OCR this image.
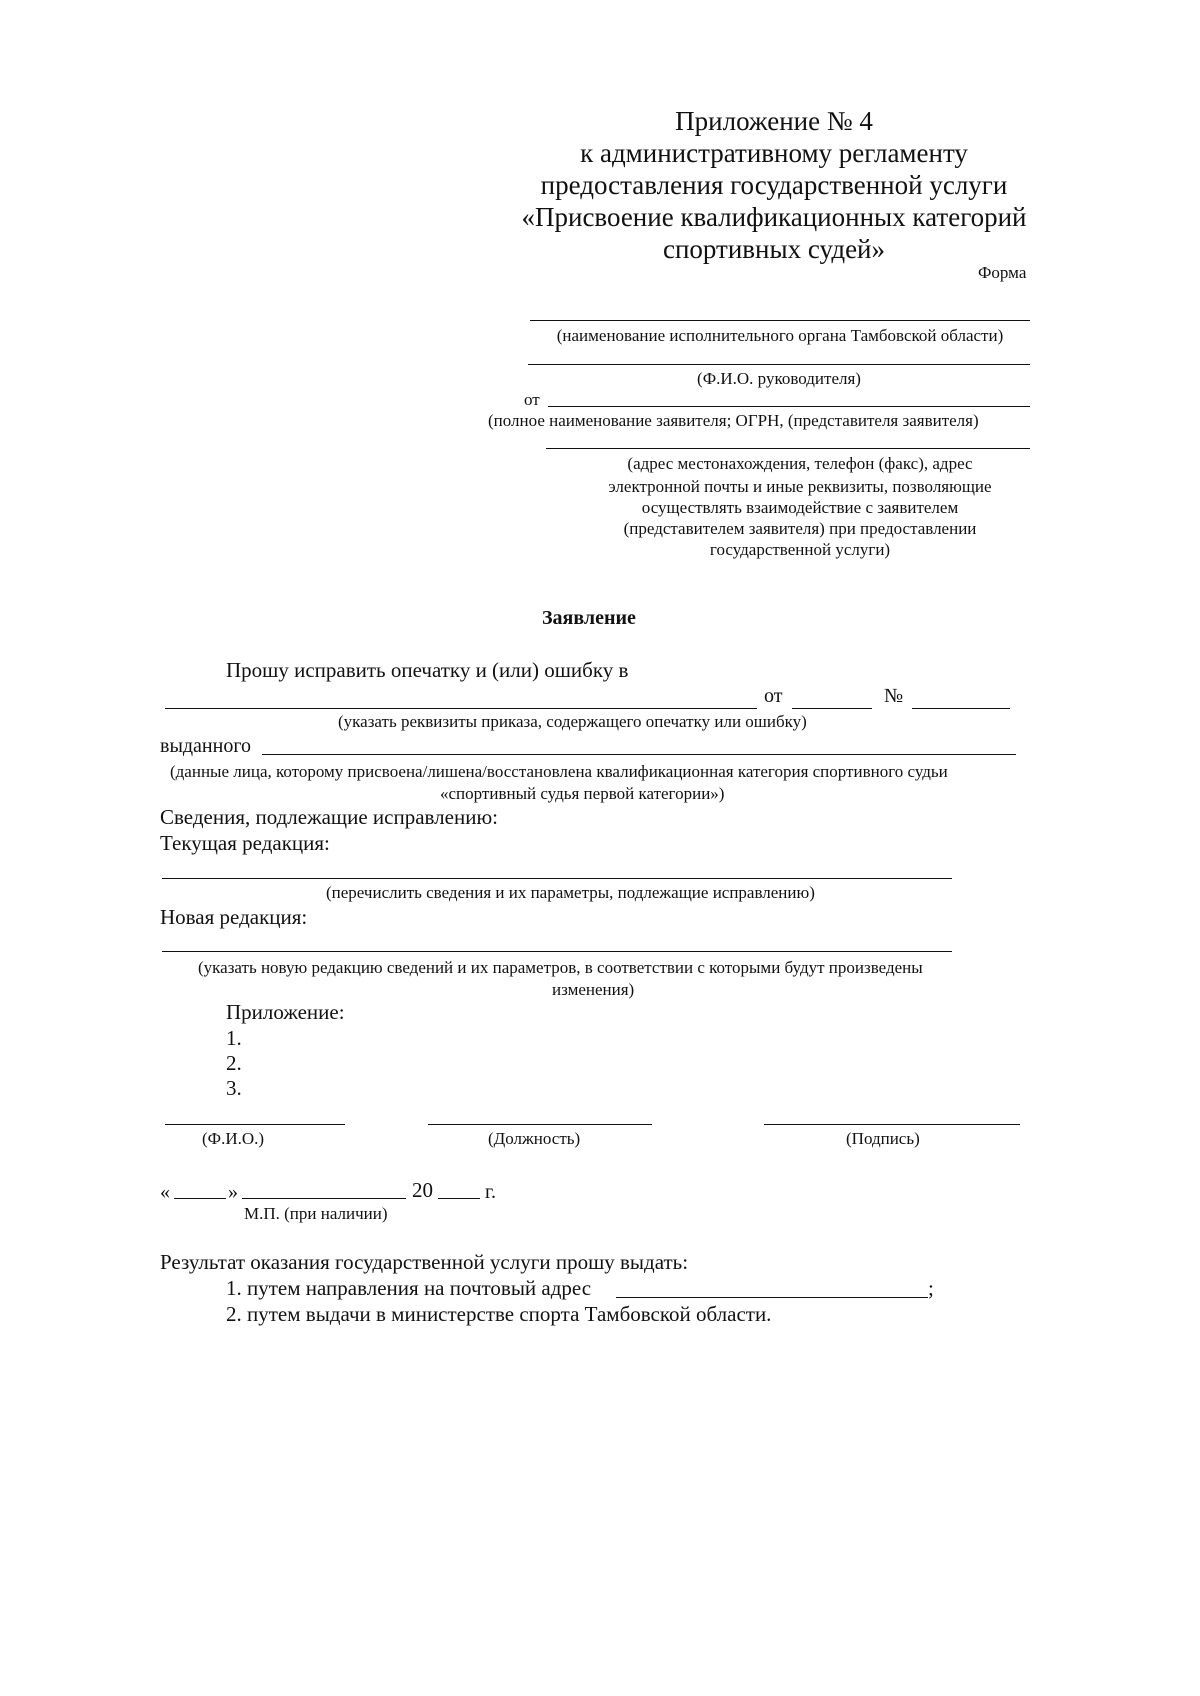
Приложение № 4
к административному регламенту
предоставления государственной услуги
«Присвоение квалификационных категорий
спортивных судей»
Форма
(наименование исполнительного органа Тамбовской области)
(Ф.И.О. руководителя)
от
(полное наименование заявителя; ОГРН, (представителя заявителя)
(адрес местонахождения, телефон (факс), адрес
электронной почты и иные реквизиты, позволяющие
осуществлять взаимодействие с заявителем
(представителем заявителя) при предоставлении
государственной услуги)
Заявление
Прошу исправить опечатку и (или) ошибку в
от	№
(указать реквизиты приказа, содержащего опечатку или ошибку)
выданного
(данные лица, которому присвоена/лишена/восстановлена квалификационная категория спортивного судьи
«спортивный судья первой категории»)
Сведения, подлежащие исправлению:
Текущая редакция:
(перечислить сведения и их параметры, подлежащие исправлению)
Новая редакция:
(указать новую редакцию сведений и их параметров, в соответствии с которыми будут произведены
изменения)
Приложение:
1.
2.
3.
(Ф.И.О.)	(Должность)	(Подпись)
«	»	20	г.
М.П. (при наличии)
Результат оказания государственной услуги прошу выдать:
1. путем направления на почтовый адрес	;
2. путем выдачи в министерстве спорта Тамбовской области.
